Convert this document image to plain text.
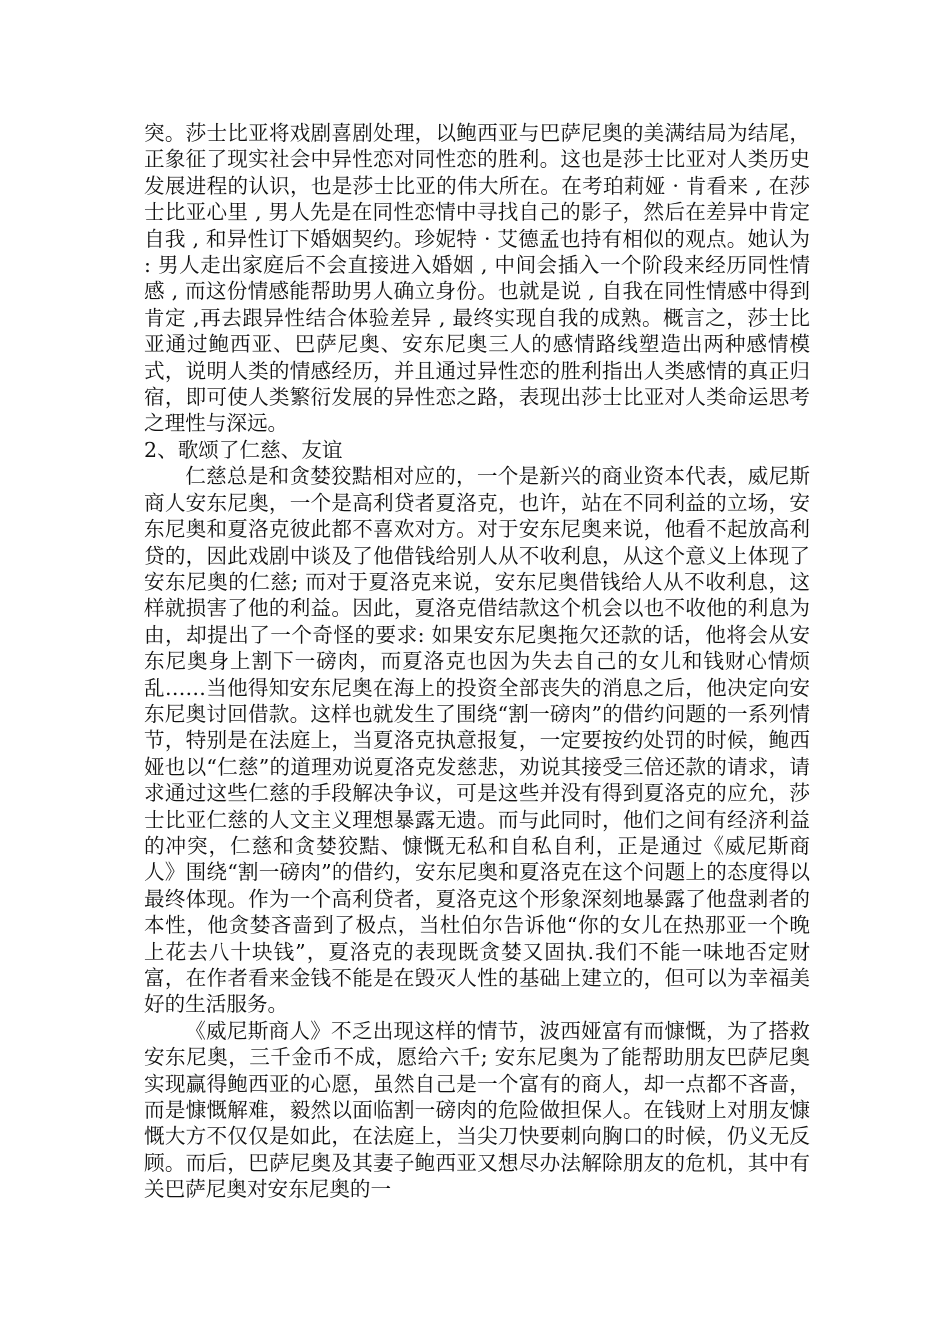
突。莎士比亚将戏剧喜剧处理，以鲍西亚与巴萨尼奥的美满结局为结尾，正象征了现实社会中异性恋对同性恋的胜利。这也是莎士比亚对人类历史发展进程的认识，也是莎士比亚的伟大所在。在考珀莉娅 · 肯看来 , 在莎士比亚心里 , 男人先是在同性恋情中寻找自己的影子，然后在差异中肯定自我 , 和异性订下婚姻契约。珍妮特 · 艾德孟也持有相似的观点。她认为 : 男人走出家庭后不会直接进入婚姻 , 中间会插入一个阶段来经历同性情感 , 而这份情感能帮助男人确立身份。也就是说 , 自我在同性情感中得到肯定 ,再去跟异性结合体验差异 , 最终实现自我的成熟。概言之，莎士比亚通过鲍西亚、巴萨尼奥、安东尼奥三人的感情路线塑造出两种感情模式，说明人类的情感经历，并且通过异性恋的胜利指出人类感情的真正归宿，即可使人类繁衍发展的异性恋之路，表现出莎士比亚对人类命运思考之理性与深远。

2、歌颂了仁慈、友谊

仁慈总是和贪婪狡黠相对应的，一个是新兴的商业资本代表，威尼斯商人安东尼奥，一个是高利贷者夏洛克，也许，站在不同利益的立场，安东尼奥和夏洛克彼此都不喜欢对方。对于安东尼奥来说，他看不起放高利贷的，因此戏剧中谈及了他借钱给别人从不收利息，从这个意义上体现了安东尼奥的仁慈; 而对于夏洛克来说，安东尼奥借钱给人从不收利息，这样就损害了他的利益。因此，夏洛克借结款这个机会以也不收他的利息为由，却提出了一个奇怪的要求: 如果安东尼奥拖欠还款的话，他将会从安东尼奥身上割下一磅肉，而夏洛克也因为失去自己的女儿和钱财心情烦乱……当他得知安东尼奥在海上的投资全部丧失的消息之后，他决定向安东尼奥讨回借款。这样也就发生了围绕“割一磅肉”的借约问题的一系列情节，特别是在法庭上，当夏洛克执意报复，一定要按约处罚的时候，鲍西娅也以“仁慈”的道理劝说夏洛克发慈悲，劝说其接受三倍还款的请求，请求通过这些仁慈的手段解决争议，可是这些并没有得到夏洛克的应允，莎士比亚仁慈的人文主义理想暴露无遗。而与此同时，他们之间有经济利益的冲突，仁慈和贪婪狡黠、慷慨无私和自私自利，正是通过《威尼斯商人》围绕“割一磅肉”的借约，安东尼奥和夏洛克在这个问题上的态度得以最终体现。作为一个高利贷者，夏洛克这个形象深刻地暴露了他盘剥者的本性，他贪婪吝啬到了极点，当杜伯尔告诉他“你的女儿在热那亚一个晚上花去八十块钱”，夏洛克的表现既贪婪又固执.我们不能一味地否定财富，在作者看来金钱不能是在毁灭人性的基础上建立的，但可以为幸福美好的生活服务。

《威尼斯商人》不乏出现这样的情节，波西娅富有而慷慨，为了搭救安东尼奥，三千金币不成，愿给六千; 安东尼奥为了能帮助朋友巴萨尼奥实现赢得鲍西亚的心愿，虽然自己是一个富有的商人，却一点都不吝啬，而是慷慨解难，毅然以面临割一磅肉的危险做担保人。在钱财上对朋友慷慨大方不仅仅是如此，在法庭上，当尖刀快要刺向胸口的时候，仍义无反顾。而后，巴萨尼奥及其妻子鲍西亚又想尽办法解除朋友的危机，其中有关巴萨尼奥对安东尼奥的一
